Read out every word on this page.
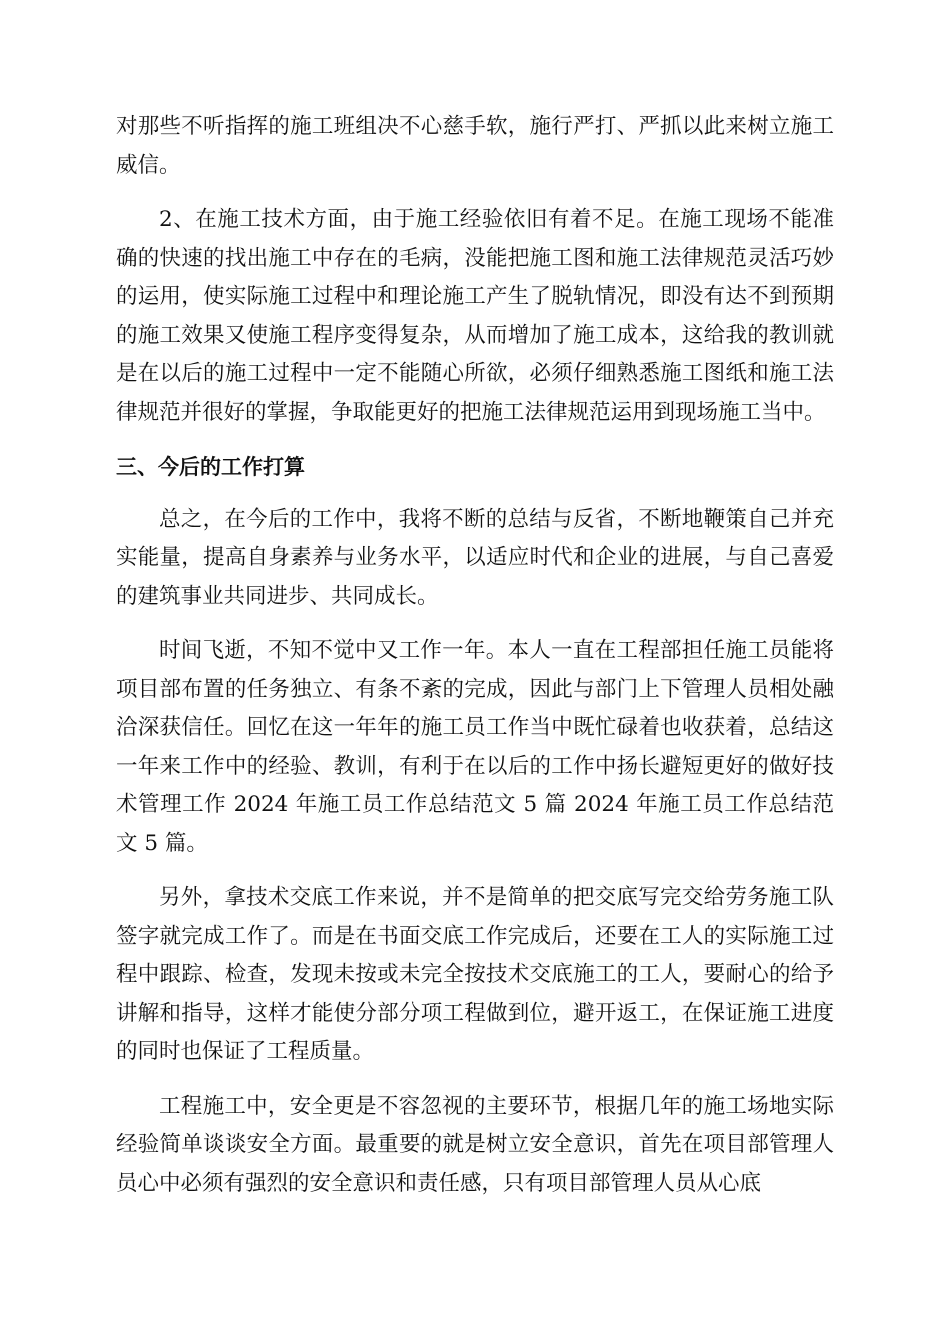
对那些不听指挥的施工班组决不心慈手软，施行严打、严抓以此来树立施工威信。

2、在施工技术方面，由于施工经验依旧有着不足。在施工现场不能准确的快速的找出施工中存在的毛病，没能把施工图和施工法律规范灵活巧妙的运用，使实际施工过程中和理论施工产生了脱轨情况，即没有达不到预期的施工效果又使施工程序变得复杂，从而增加了施工成本，这给我的教训就是在以后的施工过程中一定不能随心所欲，必须仔细熟悉施工图纸和施工法律规范并很好的掌握，争取能更好的把施工法律规范运用到现场施工当中。

三、今后的工作打算

总之，在今后的工作中，我将不断的总结与反省，不断地鞭策自己并充实能量，提高自身素养与业务水平，以适应时代和企业的进展，与自己喜爱的建筑事业共同进步、共同成长。

时间飞逝，不知不觉中又工作一年。本人一直在工程部担任施工员能将项目部布置的任务独立、有条不紊的完成，因此与部门上下管理人员相处融洽深获信任。回忆在这一年年的施工员工作当中既忙碌着也收获着，总结这一年来工作中的经验、教训，有利于在以后的工作中扬长避短更好的做好技术管理工作 2024 年施工员工作总结范文 5 篇 2024 年施工员工作总结范文 5 篇。

另外，拿技术交底工作来说，并不是简单的把交底写完交给劳务施工队签字就完成工作了。而是在书面交底工作完成后，还要在工人的实际施工过程中跟踪、检查，发现未按或未完全按技术交底施工的工人，要耐心的给予讲解和指导，这样才能使分部分项工程做到位，避开返工，在保证施工进度的同时也保证了工程质量。

工程施工中，安全更是不容忽视的主要环节，根据几年的施工场地实际经验简单谈谈安全方面。最重要的就是树立安全意识，首先在项目部管理人员心中必须有强烈的安全意识和责任感，只有项目部管理人员从心底
